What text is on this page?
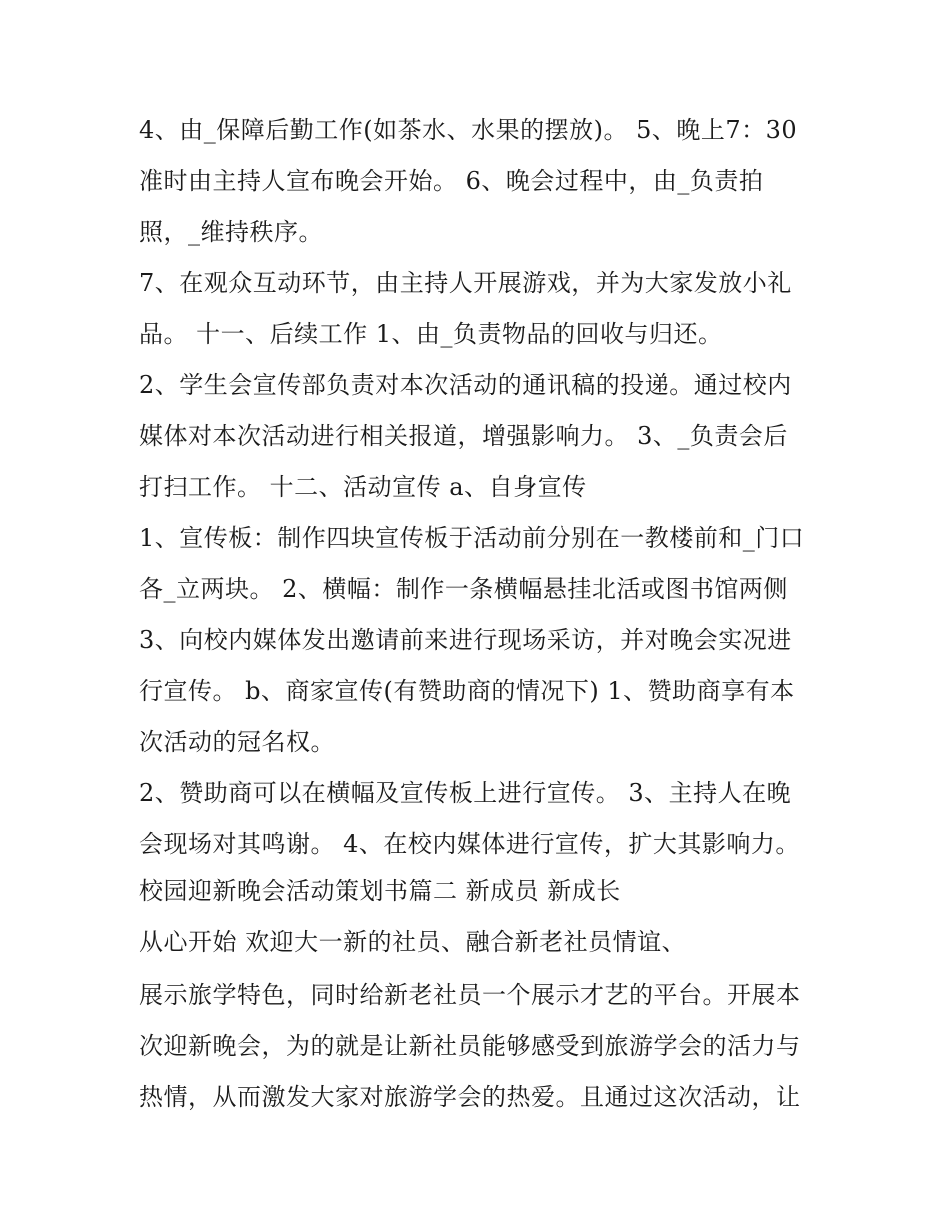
4、由_保障后勤工作(如茶水、水果的摆放)。 5、晚上7：30
准时由主持人宣布晚会开始。 6、晚会过程中，由_负责拍
照，_维持秩序。
7、在观众互动环节，由主持人开展游戏，并为大家发放小礼
品。 十一、后续工作 1、由_负责物品的回收与归还。
2、学生会宣传部负责对本次活动的通讯稿的投递。通过校内
媒体对本次活动进行相关报道，增强影响力。 3、_负责会后
打扫工作。 十二、活动宣传 a、自身宣传
1、宣传板：制作四块宣传板于活动前分别在一教楼前和_门口
各_立两块。 2、横幅：制作一条横幅悬挂北活或图书馆两侧
3、向校内媒体发出邀请前来进行现场采访，并对晚会实况进
行宣传。 b、商家宣传(有赞助商的情况下) 1、赞助商享有本
次活动的冠名权。
2、赞助商可以在横幅及宣传板上进行宣传。 3、主持人在晚
会现场对其鸣谢。 4、在校内媒体进行宣传，扩大其影响力。
校园迎新晚会活动策划书篇二 新成员 新成长
从心开始 欢迎大一新的社员、融合新老社员情谊、
展示旅学特色，同时给新老社员一个展示才艺的平台。开展本
次迎新晚会，为的就是让新社员能够感受到旅游学会的活力与
热情，从而激发大家对旅游学会的热爱。且通过这次活动，让
